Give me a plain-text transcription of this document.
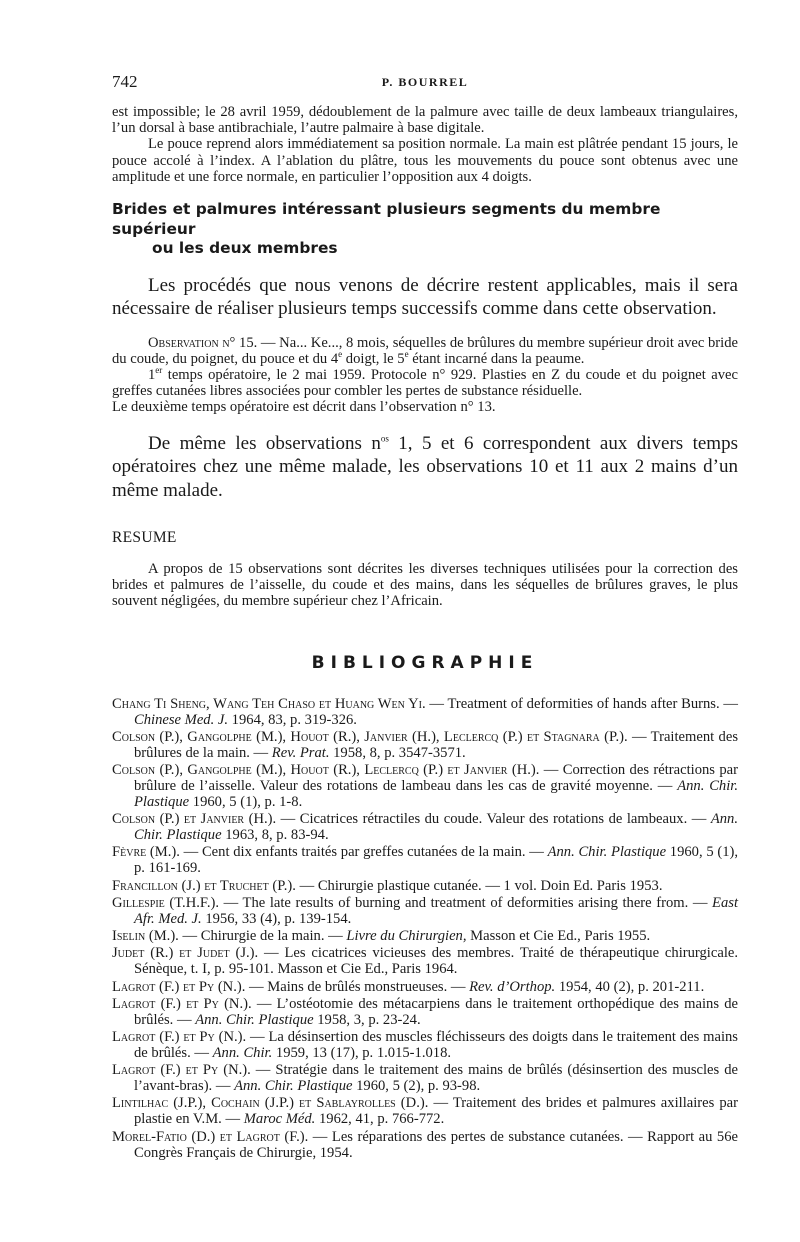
742	P. BOURREL

est impossible; le 28 avril 1959, dédoublement de la palmure avec taille de deux lambeaux triangulaires, l’un dorsal à base antibrachiale, l’autre palmaire à base digitale.

Le pouce reprend alors immédiatement sa position normale. La main est plâtrée pendant 15 jours, le pouce accolé à l’index. A l’ablation du plâtre, tous les mouvements du pouce sont obtenus avec une amplitude et une force normale, en particulier l’opposition aux 4 doigts.

Brides et palmures intéressant plusieurs segments du membre supérieur
ou les deux membres

Les procédés que nous venons de décrire restent applicables, mais il sera nécessaire de réaliser plusieurs temps successifs comme dans cette observation.

Observation n° 15. — Na... Ke..., 8 mois, séquelles de brûlures du membre supérieur droit avec bride du coude, du poignet, du pouce et du 4e doigt, le 5e étant incarné dans la peaume.

1er temps opératoire, le 2 mai 1959. Protocole n° 929. Plasties en Z du coude et du poignet avec greffes cutanées libres associées pour combler les pertes de substance résiduelle.

Le deuxième temps opératoire est décrit dans l’observation n° 13.

De même les observations $n^{os}$ 1, 5 et 6 correspondent aux divers temps opératoires chez une même malade, les observations 10 et 11 aux 2 mains d’un même malade.

RESUME

A propos de 15 observations sont décrites les diverses techniques utilisées pour la correction des brides et palmures de l’aisselle, du coude et des mains, dans les séquelles de brûlures graves, le plus souvent négligées, du membre supérieur chez l’Africain.

BIBLIOGRAPHIE

Chang Ti Sheng, Wang Teh Chaso et Huang Wen Yi. — Treatment of deformities of hands after Burns. — Chinese Med. J. 1964, 83, p. 319-326.

Colson (P.), Gangolphe (M.), Houot (R.), Janvier (H.), Leclercq (P.) et Stagnara (P.). — Traitement des brûlures de la main. — Rev. Prat. 1958, 8, p. 3547-3571.

Colson (P.), Gangolphe (M.), Houot (R.), Leclercq (P.) et Janvier (H.). — Correction des rétractions par brûlure de l’aisselle. Valeur des rotations de lambeau dans les cas de gravité moyenne. — Ann. Chir. Plastique 1960, 5 (1), p. 1-8.

Colson (P.) et Janvier (H.). — Cicatrices rétractiles du coude. Valeur des rotations de lambeaux. — Ann. Chir. Plastique 1963, 8, p. 83-94.

Fèvre (M.). — Cent dix enfants traités par greffes cutanées de la main. — Ann. Chir. Plastique 1960, 5 (1), p. 161-169.

Francillon (J.) et Truchet (P.). — Chirurgie plastique cutanée. — 1 vol. Doin Ed. Paris 1953.

Gillespie (T.H.F.). — The late results of burning and treatment of deformities arising there from. — East Afr. Med. J. 1956, 33 (4), p. 139-154.

Iselin (M.). — Chirurgie de la main. — Livre du Chirurgien, Masson et Cie Ed., Paris 1955.

Judet (R.) et Judet (J.). — Les cicatrices vicieuses des membres. Traité de thérapeutique chirurgicale. Sénèque, t. I, p. 95-101. Masson et Cie Ed., Paris 1964.

Lagrot (F.) et Py (N.). — Mains de brûlés monstrueuses. — Rev. d’Orthop. 1954, 40 (2), p. 201-211.

Lagrot (F.) et Py (N.). — L’ostéotomie des métacarpiens dans le traitement orthopédique des mains de brûlés. — Ann. Chir. Plastique 1958, 3, p. 23-24.

Lagrot (F.) et Py (N.). — La désinsertion des muscles fléchisseurs des doigts dans le traitement des mains de brûlés. — Ann. Chir. 1959, 13 (17), p. 1.015-1.018.

Lagrot (F.) et Py (N.). — Stratégie dans le traitement des mains de brûlés (désinsertion des muscles de l’avant-bras). — Ann. Chir. Plastique 1960, 5 (2), p. 93-98.

Lintilhac (J.P.), Cochain (J.P.) et Sablayrolles (D.). — Traitement des brides et palmures axillaires par plastie en V.M. — Maroc Méd. 1962, 41, p. 766-772.

Morel-Fatio (D.) et Lagrot (F.). — Les réparations des pertes de substance cutanées. — Rapport au 56e Congrès Français de Chirurgie, 1954.
